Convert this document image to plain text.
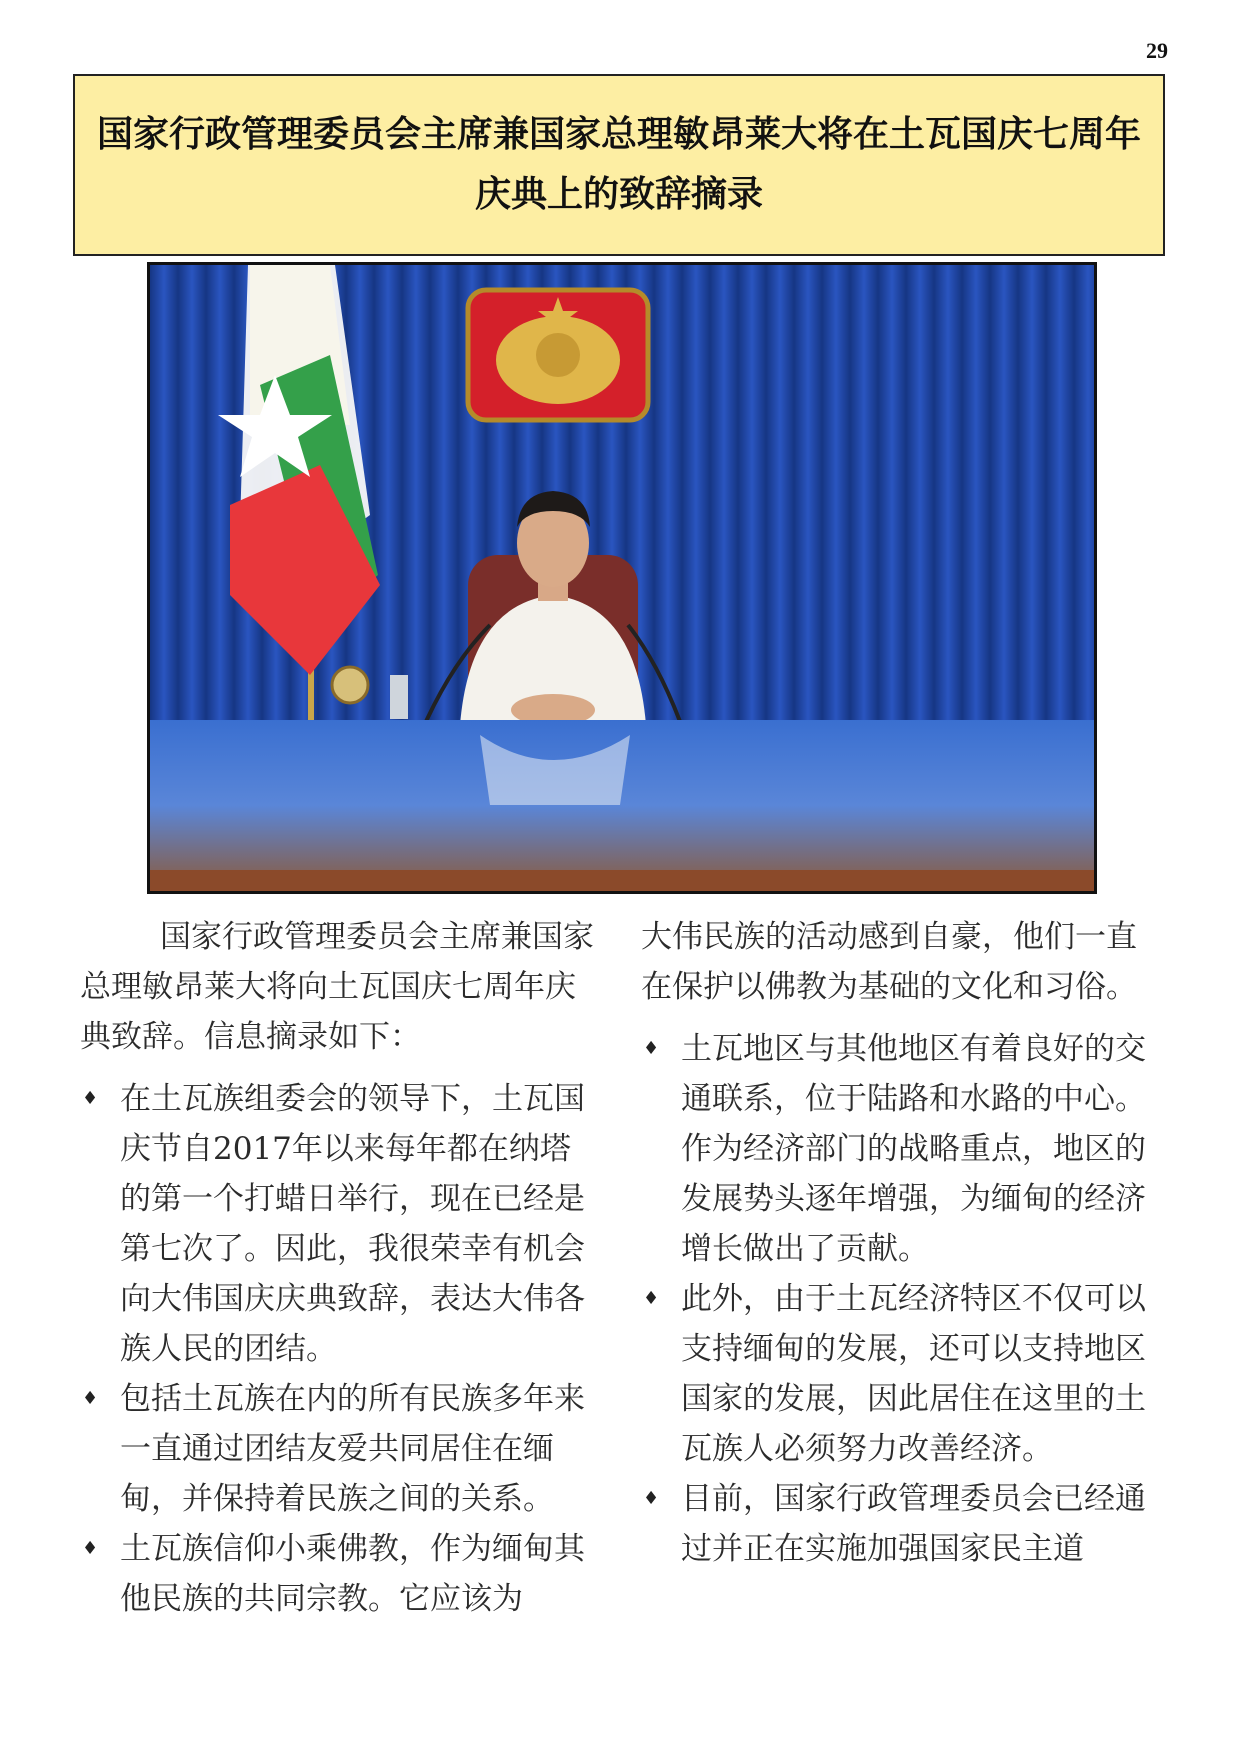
29

国家行政管理委员会主席兼国家总理敏昂莱大将在土瓦国庆七周年庆典上的致辞摘录

国家行政管理委员会主席兼国家总理敏昂莱大将向土瓦国庆七周年庆典致辞。信息摘录如下：

♦ 在土瓦族组委会的领导下，土瓦国庆节自2017年以来每年都在纳塔的第一个打蜡日举行，现在已经是第七次了。因此，我很荣幸有机会向大伟国庆庆典致辞，表达大伟各族人民的团结。
♦ 包括土瓦族在内的所有民族多年来一直通过团结友爱共同居住在缅甸，并保持着民族之间的关系。
♦ 土瓦族信仰小乘佛教，作为缅甸其他民族的共同宗教。它应该为

大伟民族的活动感到自豪，他们一直在保护以佛教为基础的文化和习俗。

♦ 土瓦地区与其他地区有着良好的交通联系，位于陆路和水路的中心。作为经济部门的战略重点，地区的发展势头逐年增强，为缅甸的经济增长做出了贡献。
♦ 此外，由于土瓦经济特区不仅可以支持缅甸的发展，还可以支持地区国家的发展，因此居住在这里的土瓦族人必须努力改善经济。
♦ 目前，国家行政管理委员会已经通过并正在实施加强国家民主道
